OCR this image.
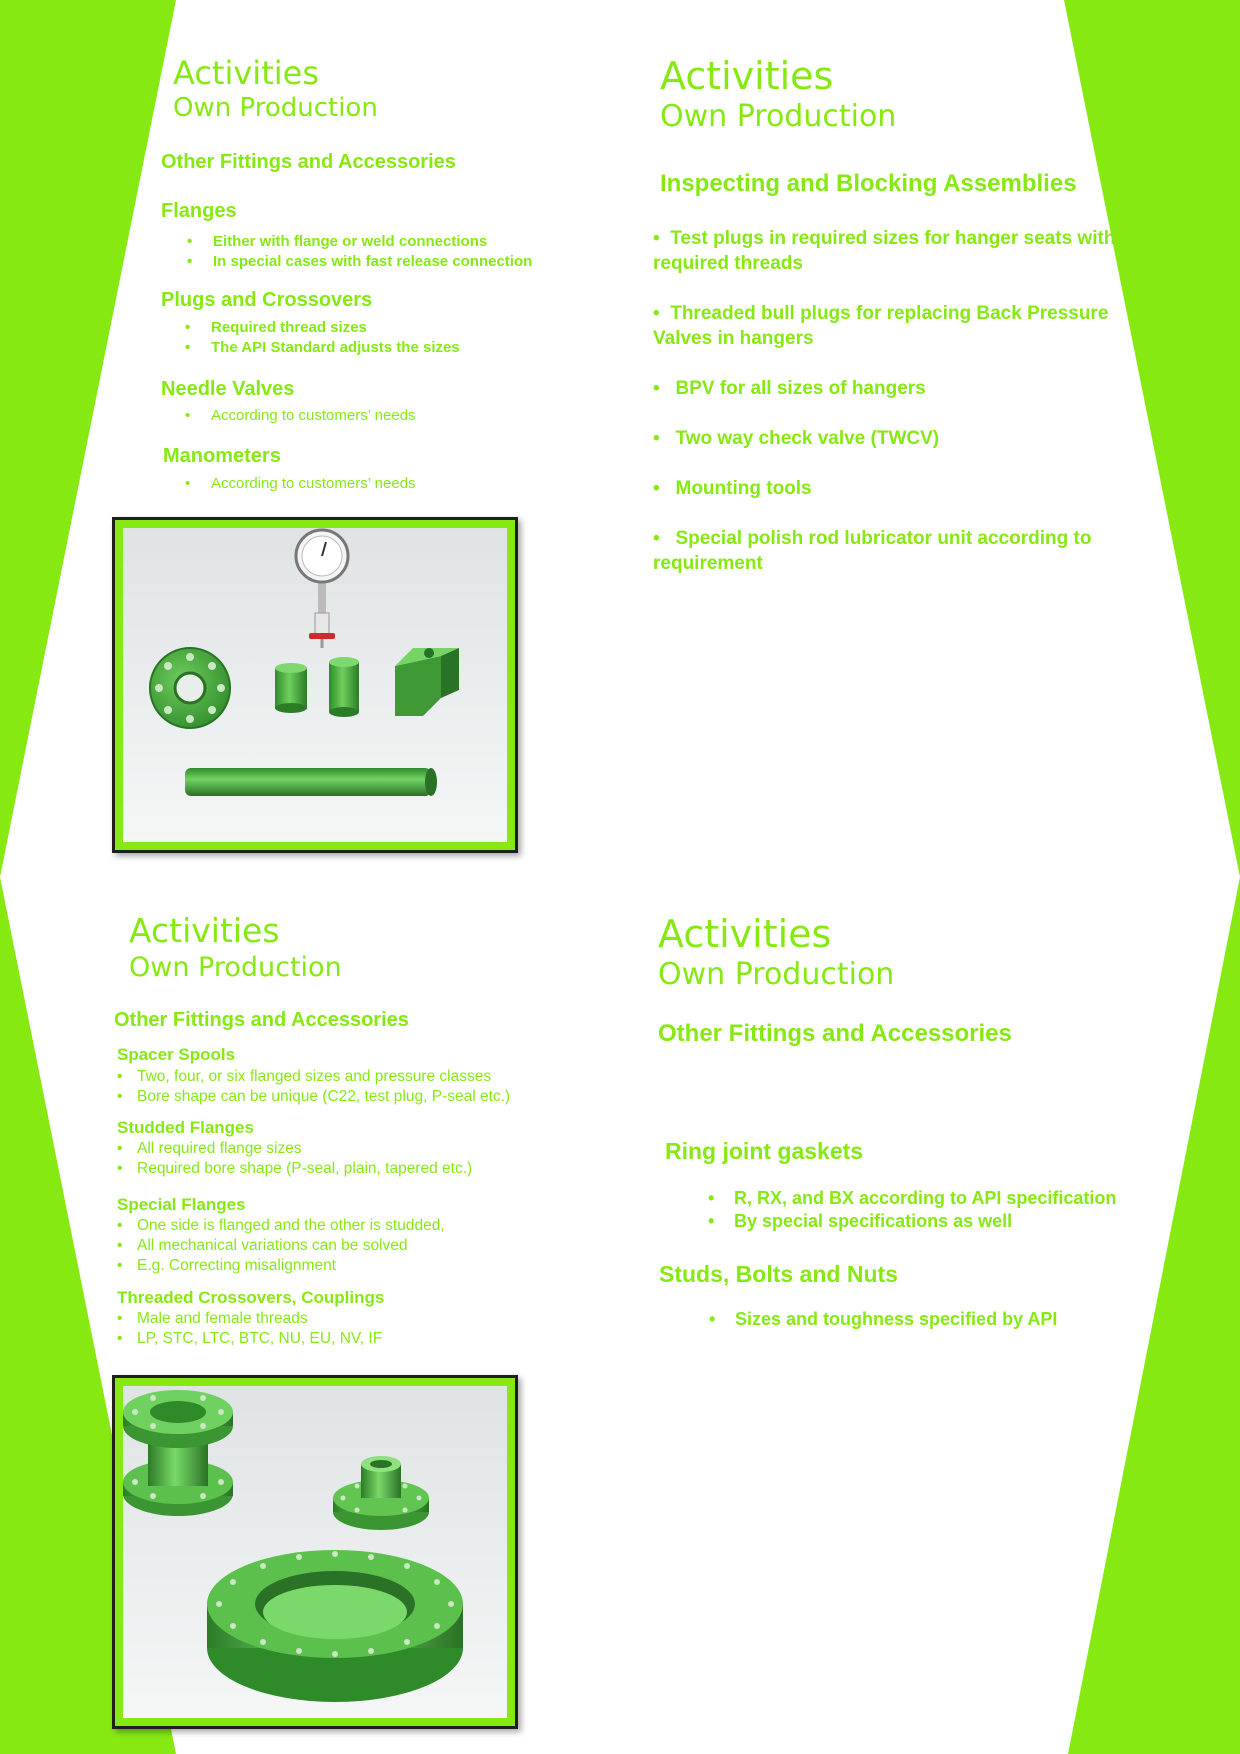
Activities
Own Production
Other Fittings and Accessories
Flanges
• Either with flange or weld connections
• In special cases with fast release connection
Plugs and Crossovers
• Required thread sizes
• The API Standard adjusts the sizes
Needle Valves
• According to customers’ needs
Manometers
• According to customers’ needs
Activities
Own Production
Inspecting and Blocking Assemblies
•  Test plugs in required sizes for hanger seats with required threads
•  Threaded bull plugs for replacing Back Pressure Valves in hangers
•   BPV for all sizes of hangers
•   Two way check valve (TWCV)
•   Mounting tools
•   Special polish rod lubricator unit according to requirement
Activities
Own Production
Other Fittings and Accessories
Spacer Spools
• Two, four, or six flanged sizes and pressure classes
• Bore shape can be unique (C22, test plug, P-seal etc.)
Studded Flanges
• All required flange sizes
• Required bore shape (P-seal, plain, tapered etc.)
Special Flanges
• One side is flanged and the other is studded,
• All mechanical variations can be solved
• E.g. Correcting misalignment
Threaded Crossovers, Couplings
• Male and female threads
• LP, STC, LTC, BTC, NU, EU, NV, IF
Activities
Own Production
Other Fittings and Accessories
Ring joint gaskets
• R, RX, and BX according to API specification
• By special specifications as well
Studs, Bolts and Nuts
• Sizes and toughness specified by API
